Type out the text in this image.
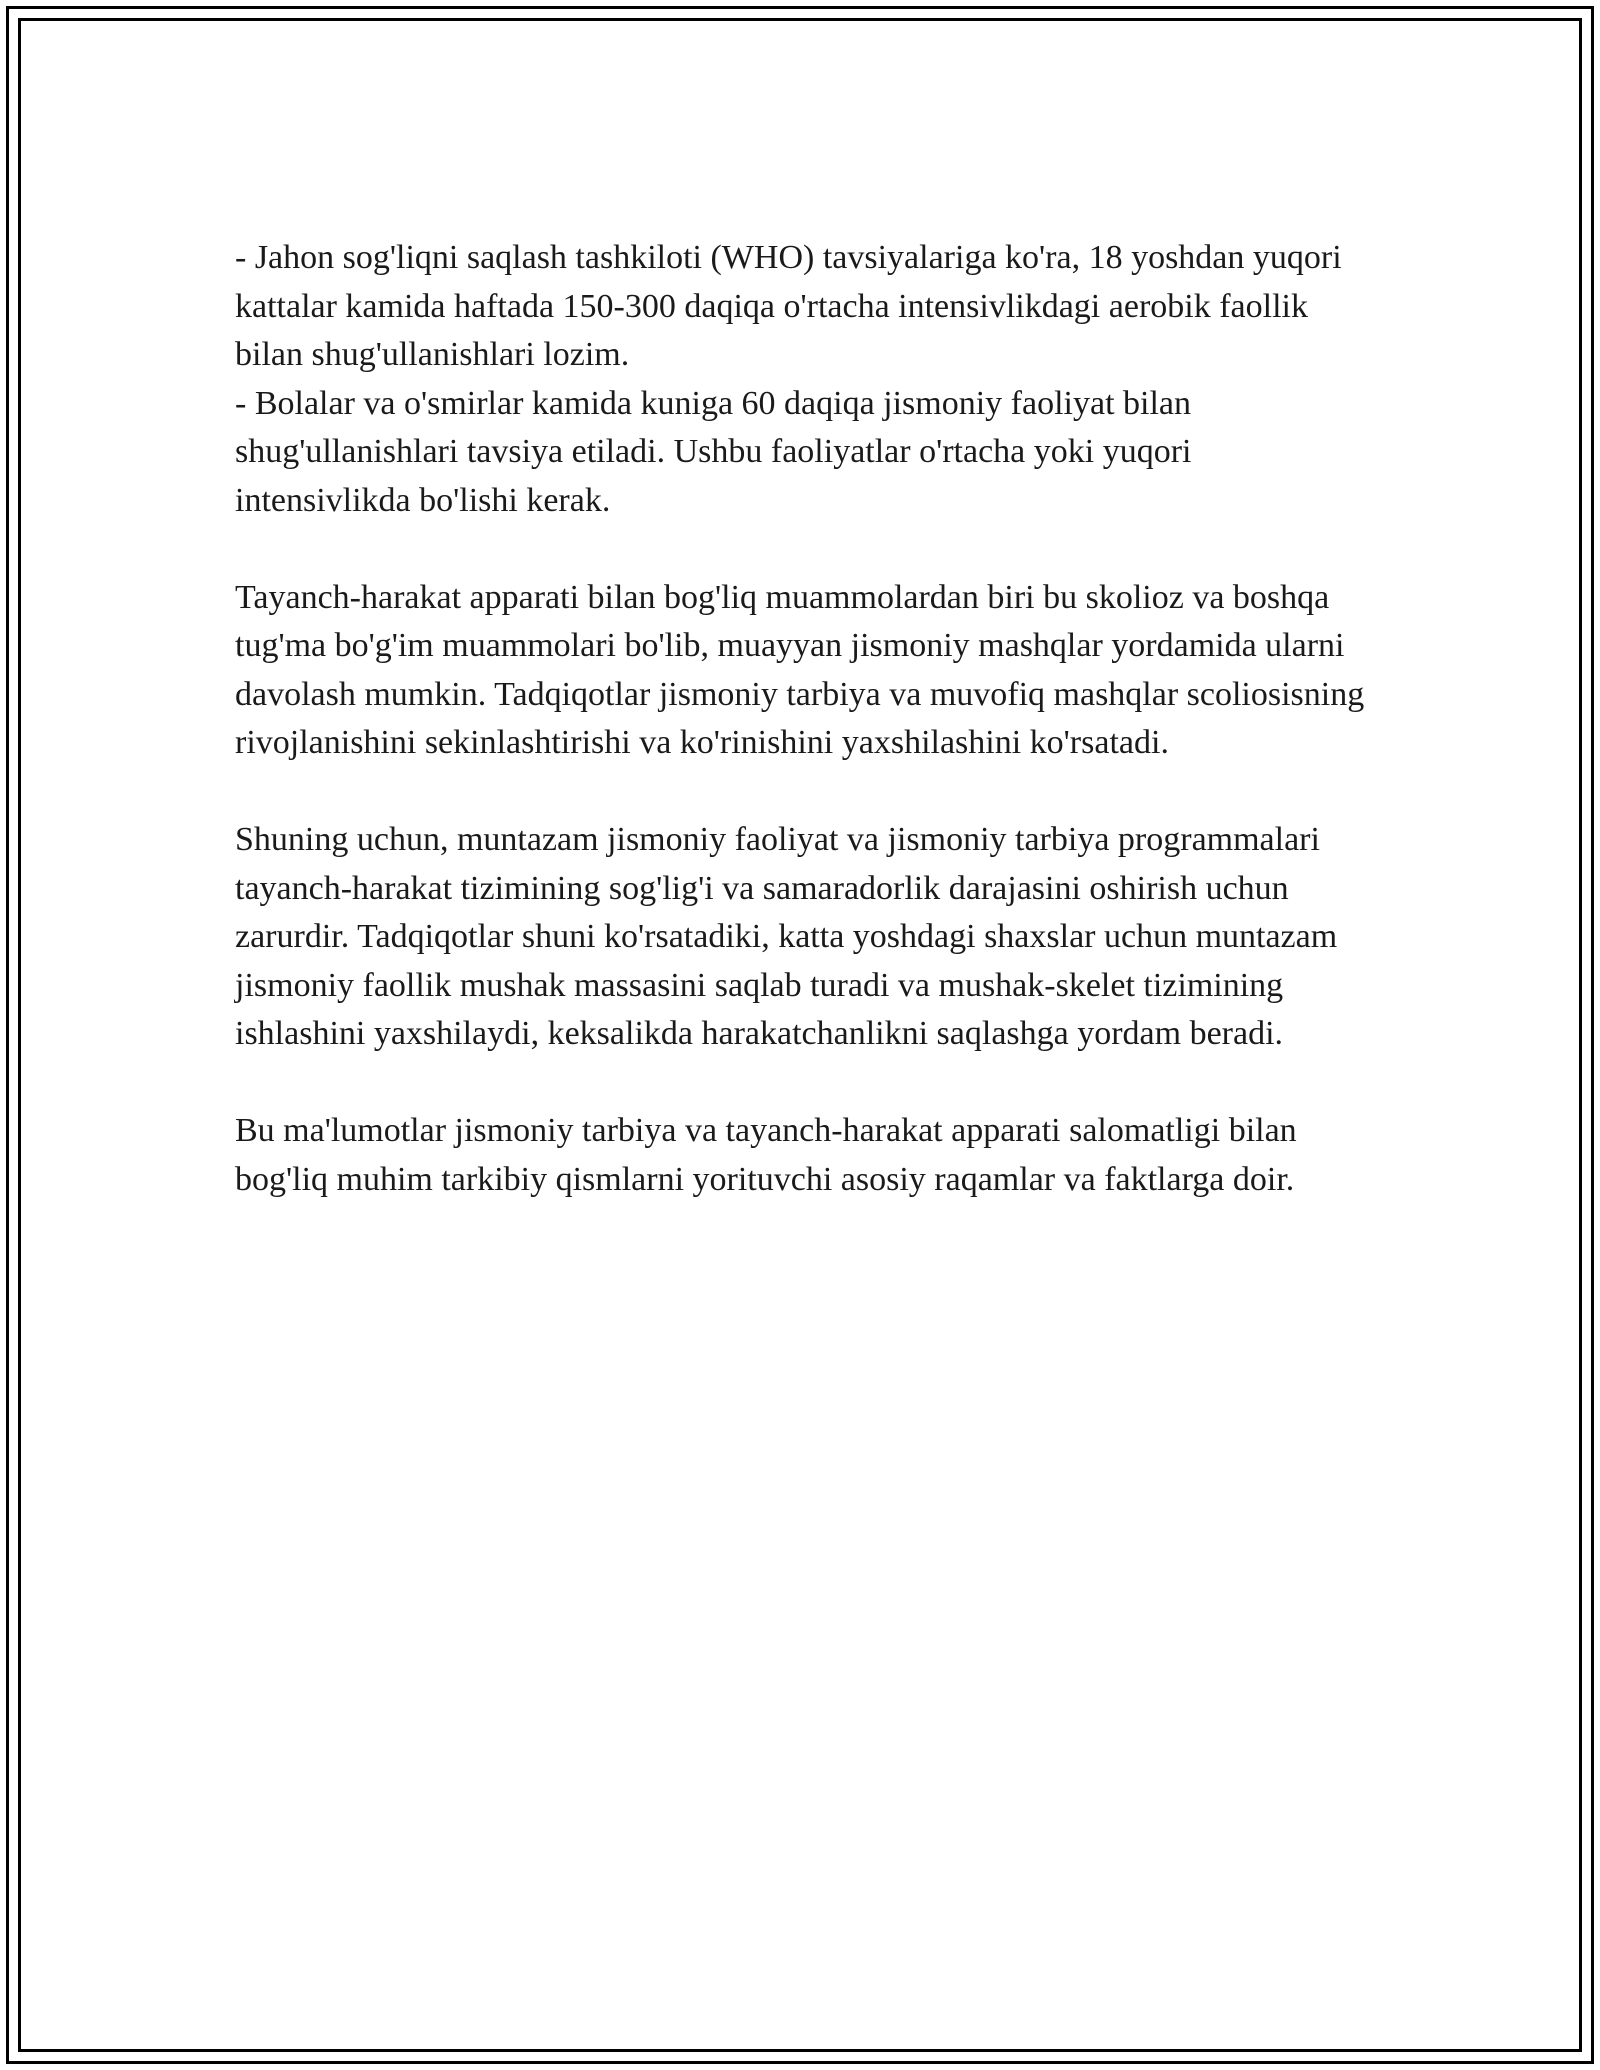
- Jahon sog'liqni saqlash tashkiloti (WHO) tavsiyalariga ko'ra, 18 yoshdan yuqori kattalar kamida haftada 150-300 daqiqa o'rtacha intensivlikdagi aerobik faollik bilan shug'ullanishlari lozim.
- Bolalar va o'smirlar kamida kuniga 60 daqiqa jismoniy faoliyat bilan shug'ullanishlari tavsiya etiladi. Ushbu faoliyatlar o'rtacha yoki yuqori intensivlikda bo'lishi kerak.

Tayanch-harakat apparati bilan bog'liq muammolardan biri bu skolioz va boshqa tug'ma bo'g'im muammolari bo'lib, muayyan jismoniy mashqlar yordamida ularni davolash mumkin. Tadqiqotlar jismoniy tarbiya va muvofiq mashqlar scoliosisning rivojlanishini sekinlashtirishi va ko'rinishini yaxshilashini ko'rsatadi.

Shuning uchun, muntazam jismoniy faoliyat va jismoniy tarbiya programmalari tayanch-harakat tizimining sog'lig'i va samaradorlik darajasini oshirish uchun zarurdir. Tadqiqotlar shuni ko'rsatadiki, katta yoshdagi shaxslar uchun muntazam jismoniy faollik mushak massasini saqlab turadi va mushak-skelet tizimining ishlashini yaxshilaydi, keksalikda harakatchanlikni saqlashga yordam beradi.

Bu ma'lumotlar jismoniy tarbiya va tayanch-harakat apparati salomatligi bilan bog'liq muhim tarkibiy qismlarni yorituvchi asosiy raqamlar va faktlarga doir.
